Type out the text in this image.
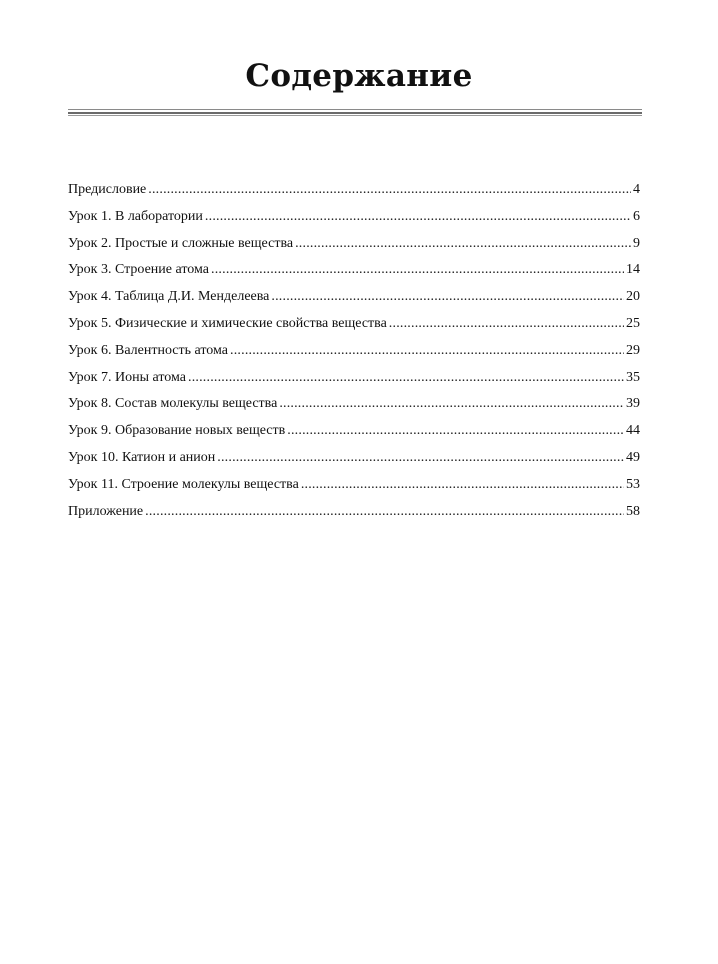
Содержание
Предисловие .....	4
Урок 1. В лаборатории .....	6
Урок 2. Простые и сложные вещества .....	9
Урок 3. Строение атома .....	14
Урок 4. Таблица Д.И. Менделеева .....	20
Урок 5. Физические и химические свойства вещества .....	25
Урок 6. Валентность атома .....	29
Урок 7. Ионы атома .....	35
Урок 8. Состав молекулы вещества .....	39
Урок 9. Образование новых веществ .....	44
Урок 10. Катион и анион .....	49
Урок 11. Строение молекулы вещества .....	53
Приложение .....	58
